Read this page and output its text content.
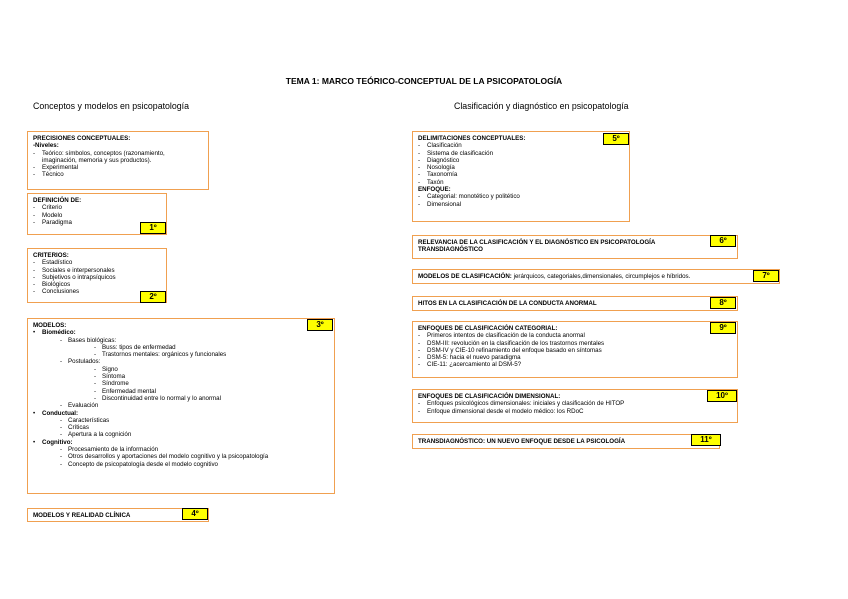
TEMA 1: MARCO TEÓRICO-CONCEPTUAL DE LA PSICOPATOLOGÍA
Conceptos y modelos en psicopatología	Clasificación y diagnóstico en psicopatología
PRECISIONES CONCEPTUALES:
-Niveles:
- Teórico: símbolos, conceptos (razonamiento,
imaginación, memoria y sus productos).
- Experimental
- Técnico
DEFINICIÓN DE:
- Criterio
- Modelo
- Paradigma
1º
CRITERIOS:
- Estadístico
- Sociales e interpersonales
- Subjetivos o intrapsíquicos
- Biológicos
- Conclusiones
2º
MODELOS:
• Biomédico:
- Bases biológicas:
- Buss: tipos de enfermedad
- Trastornos mentales: orgánicos y funcionales
- Postulados:
- Signo
- Síntoma
- Síndrome
- Enfermedad mental
- Discontinuidad entre lo normal y lo anormal
- Evaluación
• Conductual:
- Características
- Críticas
- Apertura a la cognición
• Cognitivo:
- Procesamiento de la información
- Otros desarrollos y aportaciones del modelo cognitivo y la psicopatología
- Concepto de psicopatología desde el modelo cognitivo
3º
MODELOS Y REALIDAD CLÍNICA	4º
DELIMITACIONES CONCEPTUALES:
- Clasificación
- Sistema de clasificación
- Diagnóstico
- Nosología
- Taxonomía
- Taxón
ENFOQUE:
- Categorial: monotético y politético
- Dimensional
5º
RELEVANCIA DE LA CLASIFICACIÓN Y EL DIAGNÓSTICO EN PSICOPATOLOGÍA
TRANSDIAGNÓSTICO
6º
MODELOS DE CLASIFICACIÓN: jerárquicos, categoriales,dimensionales, circumplejos e híbridos.	7º
HITOS EN LA CLASIFICACIÓN DE LA CONDUCTA ANORMAL	8º
ENFOQUES DE CLASIFICACIÓN CATEGORIAL:
- Primeros intentos de clasificación de la conducta anormal
- DSM-III: revolución en la clasificación de los trastornos mentales
- DSM-IV y CIE-10 refinamiento del enfoque basado en síntomas
- DSM-5: hacia el nuevo paradigma
- CIE-11: ¿acercamiento al DSM-5?
9º
ENFOQUES DE CLASIFICACIÓN DIMENSIONAL:
- Enfoques psicológicos dimensionales: iniciales y clasificación de HITOP
- Enfoque dimensional desde el modelo médico: los RDoC
10º
TRANSDIAGNÓSTICO: UN NUEVO ENFOQUE DESDE LA PSICOLOGÍA	11º
